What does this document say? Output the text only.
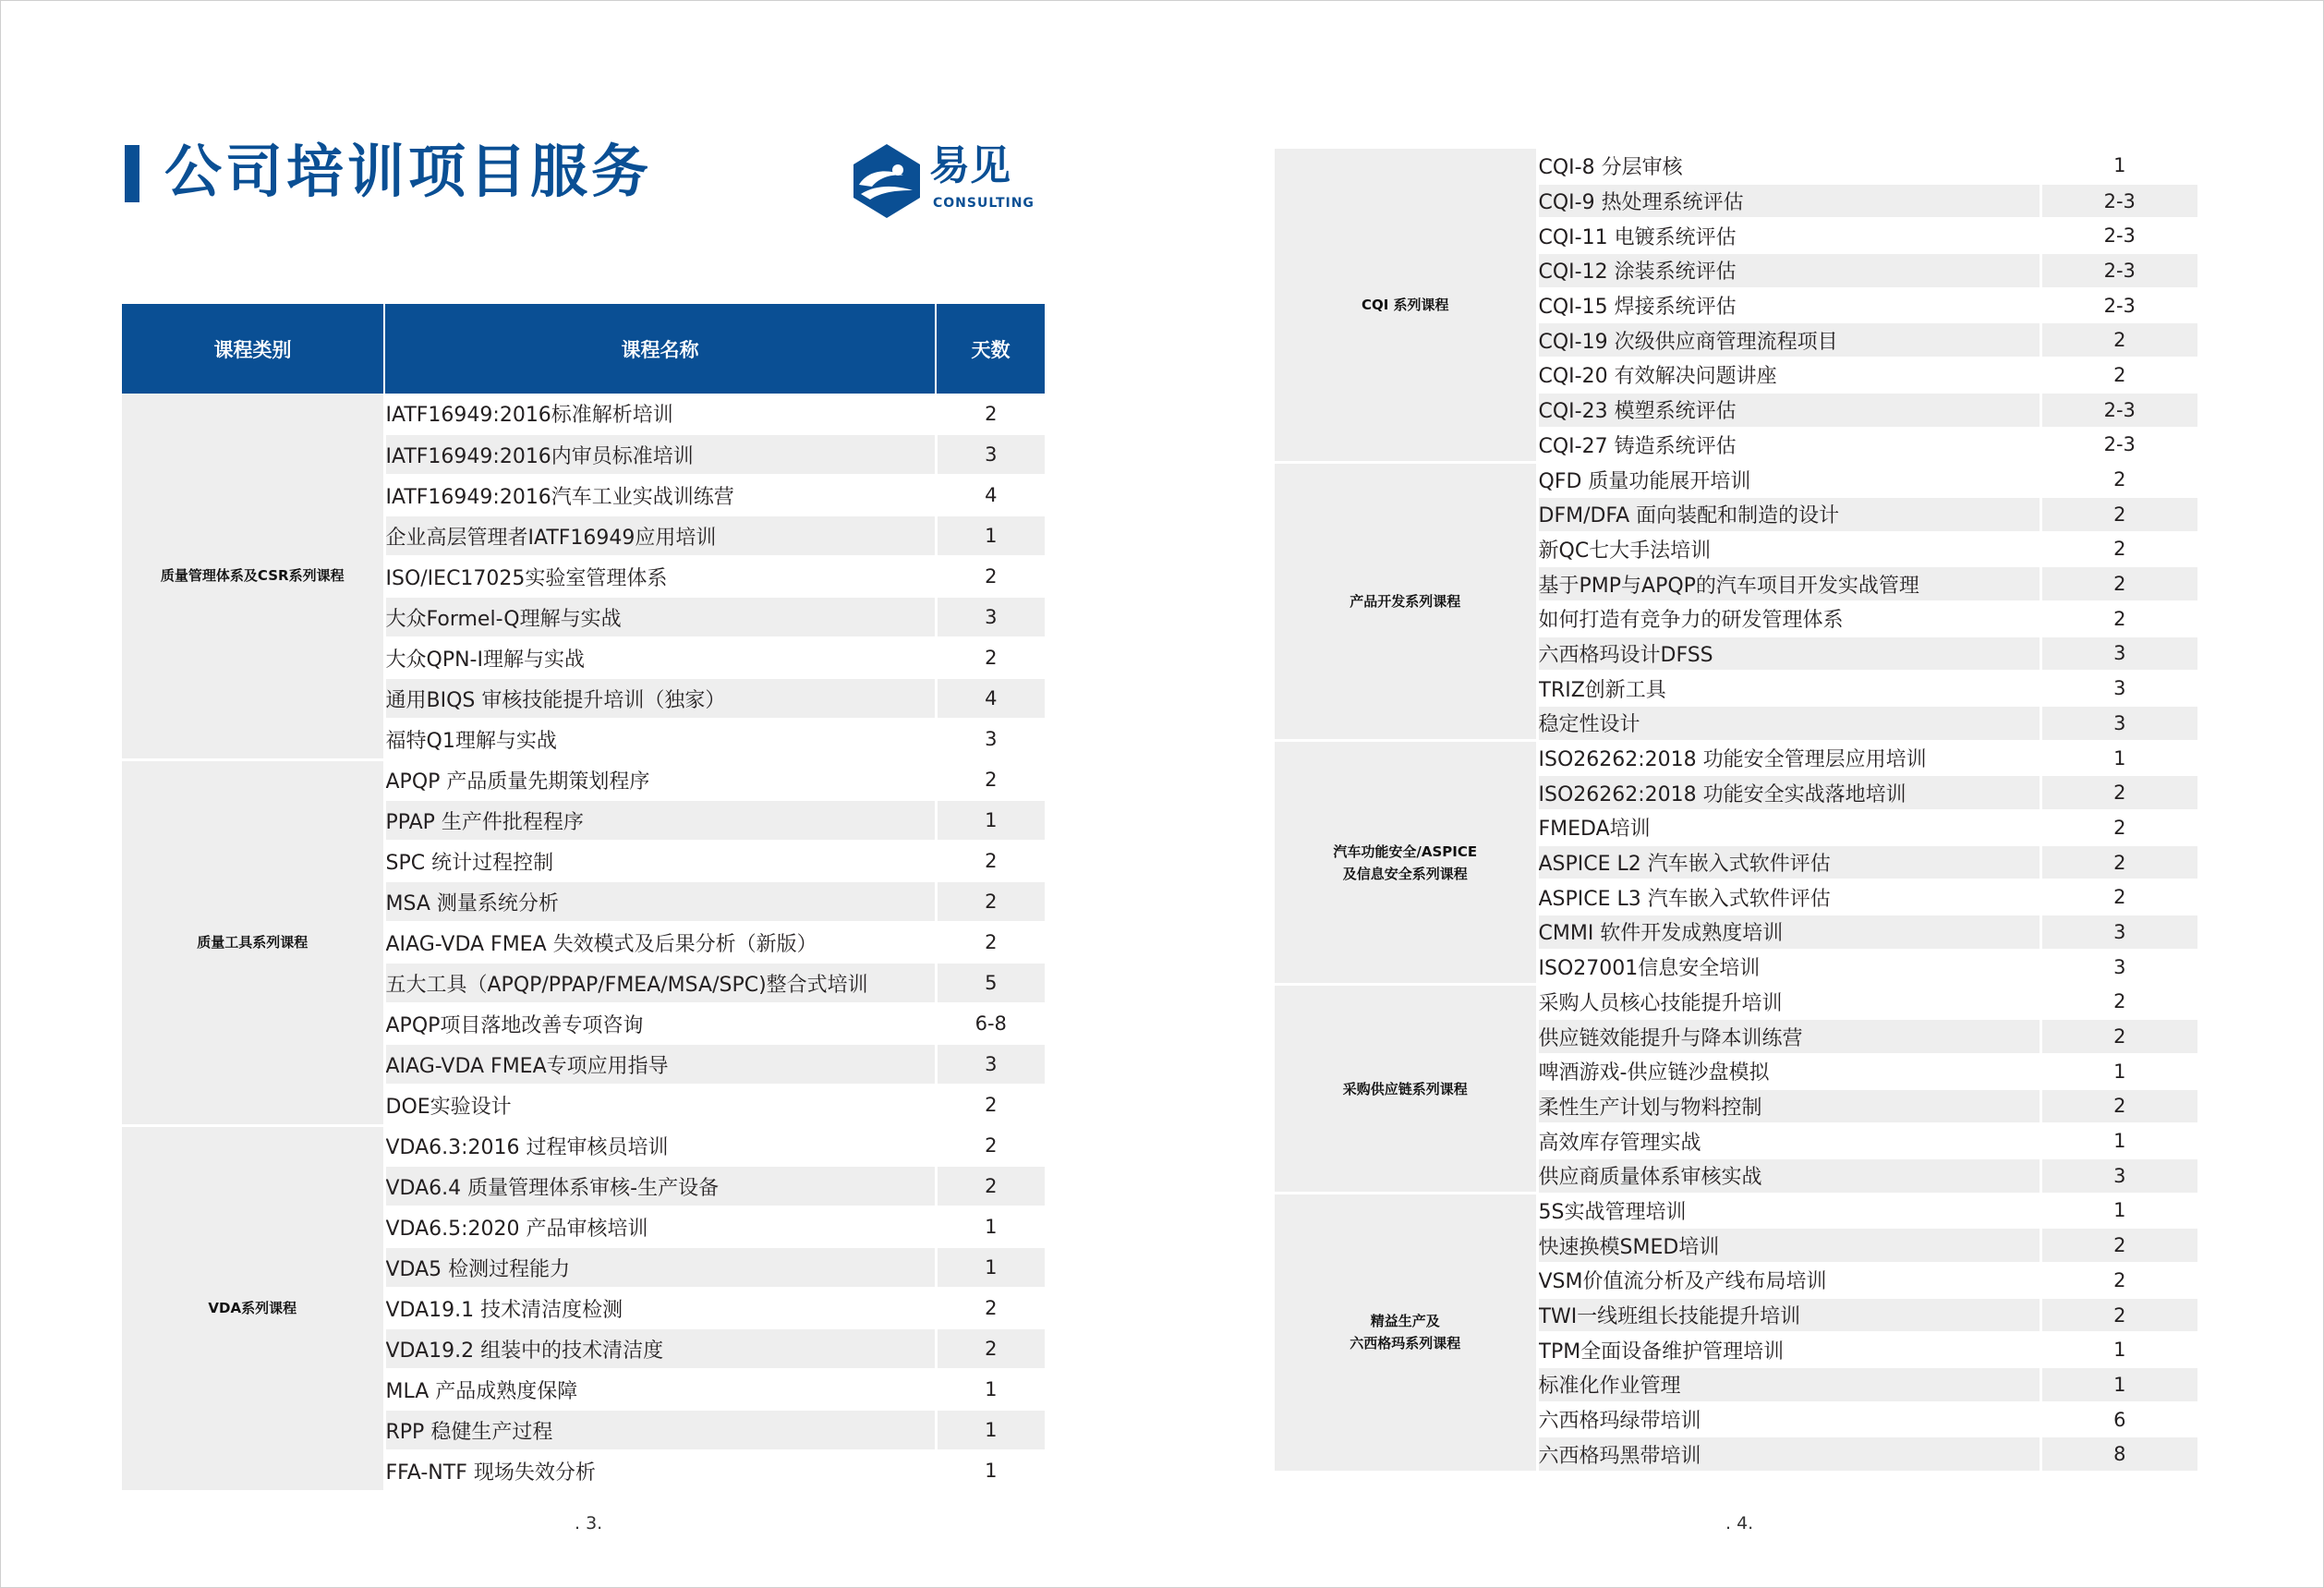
公司培训项目服务	易见
CONSULTING
课程类别	课程名称	天数
质量管理体系及CSR系列课程	IATF16949:2016标准解析培训	2
	IATF16949:2016内审员标准培训	3
	IATF16949:2016汽车工业实战训练营	4
	企业高层管理者IATF16949应用培训	1
	ISO/IEC17025实验室管理体系	2
	大众Formel-Q理解与实战	3
	大众QPN-I理解与实战	2
	通用BIQS 审核技能提升培训（独家）	4
	福特Q1理解与实战	3
质量工具系列课程	APQP 产品质量先期策划程序	2
	PPAP 生产件批程程序	1
	SPC 统计过程控制	2
	MSA 测量系统分析	2
	AIAG-VDA FMEA 失效模式及后果分析（新版）	2
	五大工具（APQP/PPAP/FMEA/MSA/SPC)整合式培训	5
	APQP项目落地改善专项咨询	6-8
	AIAG-VDA FMEA专项应用指导	3
	DOE实验设计	2
VDA系列课程	VDA6.3:2016 过程审核员培训	2
	VDA6.4 质量管理体系审核-生产设备	2
	VDA6.5:2020 产品审核培训	1
	VDA5 检测过程能力	1
	VDA19.1 技术清洁度检测	2
	VDA19.2 组装中的技术清洁度	2
	MLA 产品成熟度保障	1
	RPP 稳健生产过程	1
	FFA-NTF 现场失效分析	1
CQI 系列课程	CQI-8 分层审核	1
	CQI-9 热处理系统评估	2-3
	CQI-11 电镀系统评估	2-3
	CQI-12 涂装系统评估	2-3
	CQI-15 焊接系统评估	2-3
	CQI-19 次级供应商管理流程项目	2
	CQI-20 有效解决问题讲座	2
	CQI-23 模塑系统评估	2-3
	CQI-27 铸造系统评估	2-3
产品开发系列课程	QFD 质量功能展开培训	2
	DFM/DFA 面向装配和制造的设计	2
	新QC七大手法培训	2
	基于PMP与APQP的汽车项目开发实战管理	2
	如何打造有竞争力的研发管理体系	2
	六西格玛设计DFSS	3
	TRIZ创新工具	3
	稳定性设计	3
汽车功能安全/ASPICE
及信息安全系列课程	ISO26262:2018 功能安全管理层应用培训	1
	ISO26262:2018 功能安全实战落地培训	2
	FMEDA培训	2
	ASPICE L2 汽车嵌入式软件评估	2
	ASPICE L3 汽车嵌入式软件评估	2
	CMMI 软件开发成熟度培训	3
	ISO27001信息安全培训	3
采购供应链系列课程	采购人员核心技能提升培训	2
	供应链效能提升与降本训练营	2
	啤酒游戏-供应链沙盘模拟	1
	柔性生产计划与物料控制	2
	高效库存管理实战	1
	供应商质量体系审核实战	3
精益生产及
六西格玛系列课程	5S实战管理培训	1
	快速换模SMED培训	2
	VSM价值流分析及产线布局培训	2
	TWI一线班组长技能提升培训	2
	TPM全面设备维护管理培训	1
	标准化作业管理	1
	六西格玛绿带培训	6
	六西格玛黑带培训	8
. 3.	. 4.
